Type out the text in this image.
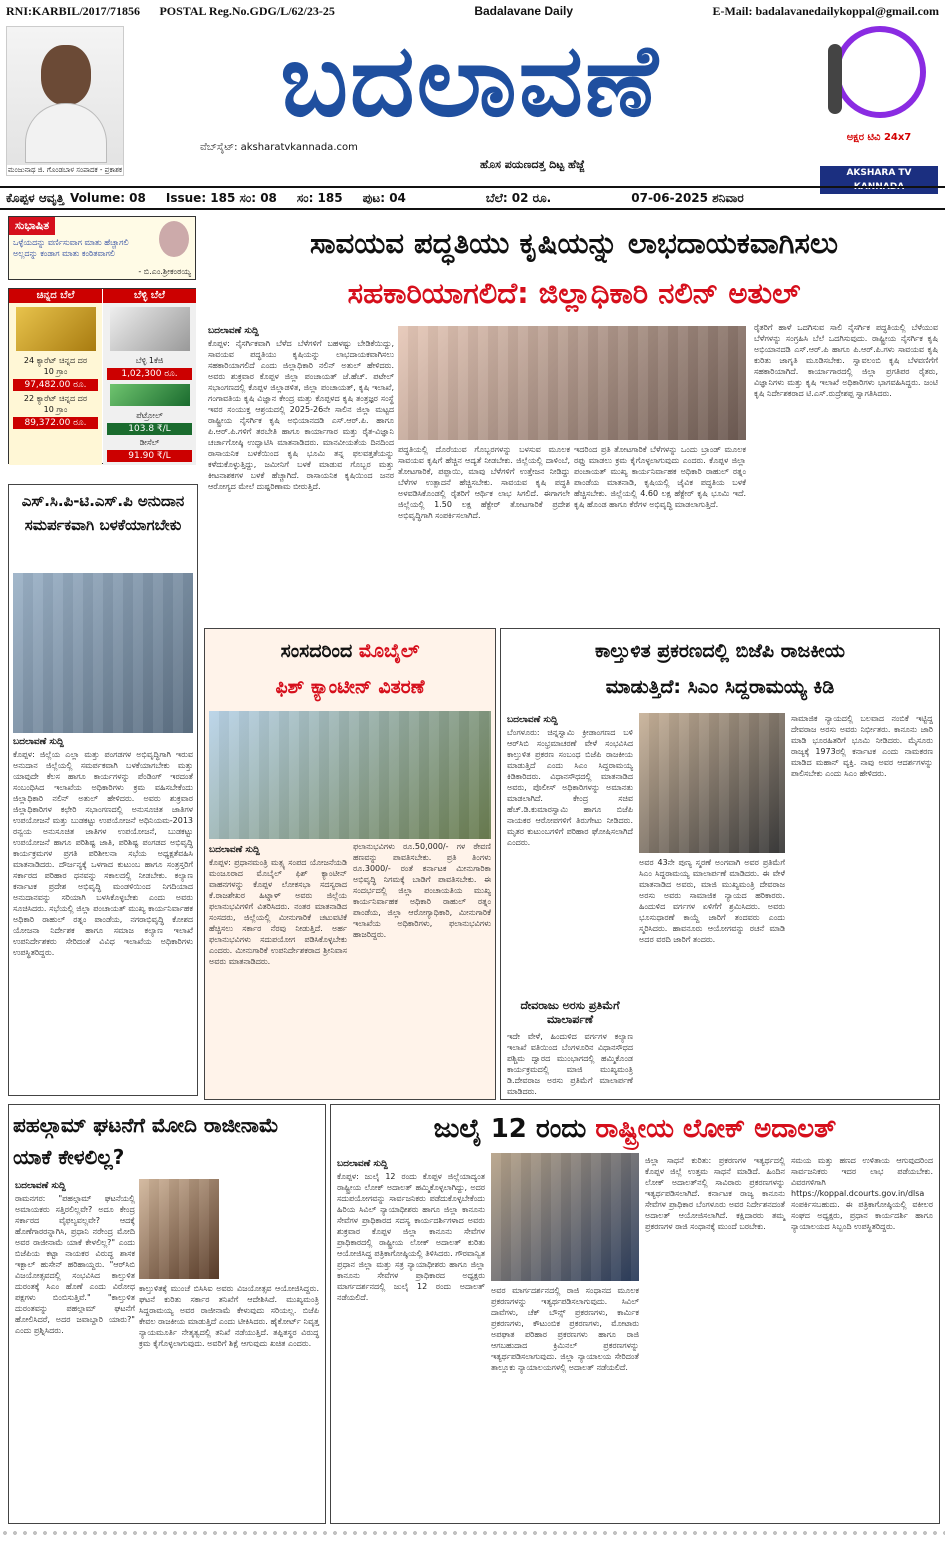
RNI:KARBIL/2017/71856 POSTAL Reg.No.GDG/L/62/23-25	Badalavane Daily	E-Mail: badalavanedailykoppal@gmail.com
ಮಂಜುನಾಥ ಜಿ. ಗೊಂಡಬಾಳ ಸಂಪಾದಕ - ಪ್ರಕಾಶಕ
ಬದಲಾವಣೆ
ವೆಬ್‌ಸೈಟ್: aksharatvkannada.com
ಹೊಸ ಪಯಣದತ್ತ ದಿಟ್ಟ ಹೆಜ್ಜೆ
ಅಕ್ಷರ ಟಿವಿ 24x7
AKSHARA TV KANNADA
ಕೊಪ್ಪಳ ಆವೃತ್ತಿ Volume: 08 Issue: 185 ಸಂ: 08 ಸಂ: 185 ಪುಟ: 04	ಬೆಲೆ: 02 ರೂ.	07-06-2025 ಶನಿವಾರ
ಸುಭಾಷಿತ
ಒಳ್ಳೆಯದನ್ನು ವರ್ಣಿಸುವಾಗ ಮಾತು ಹೆಚ್ಚಾಗಲಿ ಅಲ್ಲದನ್ನು ಕಂಡಾಗ ಮಾತು ಕಂಠಿತವಾಗಲಿ
- ಬಿ.ಎಂ.ಶ್ರೀಕಂಠಯ್ಯ
ಚಿನ್ನದ ಬೆಲೆ
24 ಕ್ಯಾರೆಟ್ ಚಿನ್ನದ ದರ
10 ಗ್ರಾಂ
97,482.00 ರೂ.
22 ಕ್ಯಾರೆಟ್ ಚಿನ್ನದ ದರ
10 ಗ್ರಾಂ
89,372.00 ರೂ.
ಬೆಳ್ಳಿ ಬೆಲೆ
ಬೆಳ್ಳಿ 1ಕೆಜಿ
1,02,300 ರೂ.
ಪೆಟ್ರೋಲ್
103.8 ₹/L
ಡೀಸೆಲ್
91.90 ₹/L
ಎಸ್.ಸಿ.ಪಿ-ಟಿ.ಎಸ್.ಪಿ ಅನುದಾನ ಸಮರ್ಪಕವಾಗಿ ಬಳಕೆಯಾಗಬೇಕು
ಬದಲಾವಣೆ ಸುದ್ದಿ
ಕೊಪ್ಪಳ: ಜಿಲ್ಲೆಯ ಎಲ್ಲಾ ಮತ್ತು ಪಂಗಡಗಳ ಅಭಿವೃದ್ಧಿಗಾಗಿ ಇರುವ ಅನುದಾನ ಜಿಲ್ಲೆಯಲ್ಲಿ ಸಮರ್ಪಕವಾಗಿ ಬಳಕೆಯಾಗಬೇಕು ಮತ್ತು ಯಾವುದೇ ಕೆಲಸ ಹಾಗೂ ಕಾರ್ಯಗಳನ್ನು ಪೆಂಡಿಂಗ್ ಇರದಂತೆ ಸಂಬಂಧಿಸಿದ ಇಲಾಖೆಯ ಅಧಿಕಾರಿಗಳು ಕ್ರಮ ವಹಿಸಬೇಕೆಂದು ಜಿಲ್ಲಾಧಿಕಾರಿ ನಲಿನ್ ಅತುಲ್ ಹೇಳಿದರು. ಅವರು ಶುಕ್ರವಾರ ಜಿಲ್ಲಾಧಿಕಾರಿಗಳ ಕಛೇರಿ ಸಭಾಂಗಣದಲ್ಲಿ ಅನುಸೂಚಿತ ಜಾತಿಗಳ ಉಪಯೋಜನೆ ಮತ್ತು ಬುಡಕಟ್ಟು ಉಪಯೋಜನೆ ಅಧಿನಿಯಮ-2013 ರನ್ವಯ ಅನುಸೂಚಿತ ಜಾತಿಗಳ ಉಪಯೋಜನೆ, ಬುಡಕಟ್ಟು ಉಪಯೋಜನೆ ಹಾಗೂ ಪರಿಶಿಷ್ಟ ಜಾತಿ, ಪರಿಶಿಷ್ಟ ಪಂಗಡದ ಅಭಿವೃದ್ಧಿ ಕಾರ್ಯಕ್ರಮಗಳ ಪ್ರಗತಿ ಪರಿಶೀಲನಾ ಸಭೆಯ ಅಧ್ಯಕ್ಷತೆವಹಿಸಿ ಮಾತನಾಡಿದರು. ದೌರ್ಜನ್ಯಕ್ಕೆ ಒಳಗಾದ ಕುಟುಂಬ ಹಾಗೂ ಸಂತ್ರಸ್ತರಿಗೆ ಸರ್ಕಾರದ ಪರಿಹಾರ ಧನವನ್ನು ಸಕಾಲದಲ್ಲಿ ನೀಡಬೇಕು. ಕಲ್ಯಾಣ ಕರ್ನಾಟಕ ಪ್ರದೇಶ ಅಭಿವೃದ್ಧಿ ಮಂಡಳಿಯಿಂದ ನಿಗದಿಯಾದ ಅನುದಾನವನ್ನು ಸರಿಯಾಗಿ ಬಳಸಿಕೊಳ್ಳಬೇಕು ಎಂದು ಅವರು ಸೂಚಿಸಿದರು. ಸಭೆಯಲ್ಲಿ ಜಿಲ್ಲಾ ಪಂಚಾಯತ್ ಮುಖ್ಯ ಕಾರ್ಯನಿರ್ವಾಹಕ ಅಧಿಕಾರಿ ರಾಹುಲ್ ರತ್ನಂ ಪಾಂಡೆಯ, ನಗರಾಭಿವೃದ್ಧಿ ಕೋಶದ ಯೋಜನಾ ನಿರ್ದೇಶಕ ಹಾಗೂ ಸಮಾಜ ಕಲ್ಯಾಣ ಇಲಾಖೆ ಉಪನಿರ್ದೇಶಕರು ಸೇರಿದಂತೆ ವಿವಿಧ ಇಲಾಖೆಯ ಅಧಿಕಾರಿಗಳು ಉಪಸ್ಥಿತರಿದ್ದರು.
ಸಾವಯವ ಪದ್ಧತಿಯು ಕೃಷಿಯನ್ನು ಲಾಭದಾಯಕವಾಗಿಸಲು
ಸಹಕಾರಿಯಾಗಲಿದೆ: ಜಿಲ್ಲಾಧಿಕಾರಿ ನಲಿನ್ ಅತುಲ್
ಬದಲಾವಣೆ ಸುದ್ದಿ
ಕೊಪ್ಪಳ: ನೈಸರ್ಗಿಕವಾಗಿ ಬೆಳೆದ ಬೆಳೆಗಳಿಗೆ ಬಹಳಷ್ಟು ಬೇಡಿಕೆಯಿದ್ದು, ಸಾವಯವ ಪದ್ಧತಿಯು ಕೃಷಿಯನ್ನು ಲಾಭದಾಯಕವಾಗಿಸಲು ಸಹಕಾರಿಯಾಗಲಿದೆ ಎಂದು ಜಿಲ್ಲಾಧಿಕಾರಿ ನಲಿನ್ ಅತುಲ್ ಹೇಳಿದರು. ಅವರು ಶುಕ್ರವಾರ ಕೊಪ್ಪಳ ಜಿಲ್ಲಾ ಪಂಚಾಯತ್ ಜೆ.ಹೆಚ್. ಪಟೇಲ್ ಸಭಾಂಗಣದಲ್ಲಿ ಕೊಪ್ಪಳ ಜಿಲ್ಲಾಡಳಿತ, ಜಿಲ್ಲಾ ಪಂಚಾಯತ್, ಕೃಷಿ ಇಲಾಖೆ, ಗಂಗಾವತಿಯ ಕೃಷಿ ವಿಜ್ಞಾನ ಕೇಂದ್ರ ಮತ್ತು ಕೊಪ್ಪಳದ ಕೃಷಿ ತಂತ್ರಜ್ಞರ ಸಂಸ್ಥೆ ಇವರ ಸಂಯುಕ್ತ ಆಶ್ರಯದಲ್ಲಿ 2025-26ನೇ ಸಾಲಿನ ಜಿಲ್ಲಾ ಮಟ್ಟದ ರಾಷ್ಟ್ರೀಯ ನೈಸರ್ಗಿಕ ಕೃಷಿ ಅಭಿಯಾನದಡಿ ಎಸ್.ಆರ್.ಪಿ. ಹಾಗೂ ಪಿ.ಆರ್.ಪಿ.ಗಳಿಗೆ ತರಬೇತಿ ಹಾಗೂ ಕಾರ್ಯಾಗಾರ ಮತ್ತು ರೈತ-ವಿಜ್ಞಾನಿ ಚರ್ಚಾಗೋಷ್ಠಿ ಉದ್ಘಾಟಿಸಿ ಮಾತನಾಡಿದರು. ಮಾನವೀಯತೆಯ ದಿನದಿಂದ ರಾಸಾಯನಿಕ ಬಳಕೆಯಿಂದ ಕೃಷಿ ಭೂಮಿ ತನ್ನ ಫಲವತ್ತತೆಯನ್ನು ಕಳೆದುಕೊಳ್ಳುತ್ತಿದ್ದು, ಜಮೀನಿಗೆ ಬಳಕೆ ಮಾಡುವ ಗೊಬ್ಬರ ಮತ್ತು ಕೀಟನಾಶಕಗಳ ಬಳಕೆ ಹೆಚ್ಚಾಗಿದೆ. ರಾಸಾಯನಿಕ ಕೃಷಿಯಿಂದ ಜನರ ಆರೋಗ್ಯದ ಮೇಲೆ ದುಷ್ಪರಿಣಾಮ ಬೀರುತ್ತಿದೆ.
ಪದ್ಧತಿಯಲ್ಲಿ ದೊರೆಯುವ ಗೊಬ್ಬರಗಳನ್ನು ಬಳಸುವ ಮೂಲಕ ಸಾವಯವ ಕೃಷಿಗೆ ಹೆಚ್ಚಿನ ಆದ್ಯತೆ ನೀಡಬೇಕು. ಜಿಲ್ಲೆಯಲ್ಲಿ ದಾಳಿಂಬೆ, ತೋಟಗಾರಿಕೆ, ಪಪ್ಪಾಯಿ, ಮಾವು ಬೆಳೆಗಳಿಗೆ ಉತ್ತೇಜನ ನೀಡಿದ್ದು ಬೆಳೆಗಳ ಉತ್ಪಾದನೆ ಹೆಚ್ಚಿಸಬೇಕು. ಸಾವಯವ ಕೃಷಿ ಪದ್ಧತಿ ಅಳವಡಿಸಿಕೊಂಡಲ್ಲಿ ರೈತರಿಗೆ ಆರ್ಥಿಕ ಲಾಭ ಸಿಗಲಿದೆ. ಈಗಾಗಲೇ ಜಿಲ್ಲೆಯಲ್ಲಿ 1.50 ಲಕ್ಷ ಹೆಕ್ಟೇರ್ ತೋಟಗಾರಿಕೆ ಪ್ರದೇಶ ಅಭಿವೃದ್ಧಿಗಾಗಿ ಸಂಪರ್ಕಿಸಲಾಗಿದೆ.
ಇದರಿಂದ ಪ್ರತಿ ತೋಟಗಾರಿಕೆ ಬೆಳೆಗಳನ್ನು ಒಂದು ಬ್ರಾಂಡ್ ಮೂಲಕ ರಫ್ತು ಮಾಡಲು ಕ್ರಮ ಕೈಗೊಳ್ಳಲಾಗುವುದು ಎಂದರು. ಕೊಪ್ಪಳ ಜಿಲ್ಲಾ ಪಂಚಾಯತ್ ಮುಖ್ಯ ಕಾರ್ಯನಿರ್ವಾಹಕ ಅಧಿಕಾರಿ ರಾಹುಲ್ ರತ್ನಂ ಪಾಂಡೆಯ ಮಾತನಾಡಿ, ಕೃಷಿಯಲ್ಲಿ ಜೈವಿಕ ಪದ್ಧತಿಯ ಬಳಕೆ ಹೆಚ್ಚಿಸಬೇಕು. ಜಿಲ್ಲೆಯಲ್ಲಿ 4.60 ಲಕ್ಷ ಹೆಕ್ಟೇರ್ ಕೃಷಿ ಭೂಮಿ ಇದೆ. ಕೃಷಿ ಹೊಂಡ ಹಾಗೂ ಕೆರೆಗಳ ಅಭಿವೃದ್ಧಿ ಮಾಡಲಾಗುತ್ತಿದೆ.
ರೈತರಿಗೆ ಹಾಳೆ ಒದಗಿಸುವ ಸಾಲಿ ನೈಸರ್ಗಿಕ ಪದ್ಧತಿಯಲ್ಲಿ ಬೆಳೆಯುವ ಬೆಳೆಗಳನ್ನು ಸಂಗ್ರಹಿಸಿ ಬೆಲೆ ಒದಗಿಸುವುದು. ರಾಷ್ಟ್ರೀಯ ನೈಸರ್ಗಿಕ ಕೃಷಿ ಅಭಿಯಾನದಡಿ ಎಸ್.ಆರ್.ಪಿ ಹಾಗೂ ಪಿ.ಆರ್.ಪಿ.ಗಳು ಸಾವಯವ ಕೃಷಿ ಕುರಿತು ಜಾಗೃತಿ ಮೂಡಿಸಬೇಕು. ಸ್ವಾವಲಂಬಿ ಕೃಷಿ ಬೆಳವಣಿಗೆಗೆ ಸಹಕಾರಿಯಾಗಿದೆ. ಕಾರ್ಯಾಗಾರದಲ್ಲಿ ಜಿಲ್ಲಾ ಪ್ರಗತಿಪರ ರೈತರು, ವಿಜ್ಞಾನಿಗಳು ಮತ್ತು ಕೃಷಿ ಇಲಾಖೆ ಅಧಿಕಾರಿಗಳು ಭಾಗವಹಿಸಿದ್ದರು. ಜಂಟಿ ಕೃಷಿ ನಿರ್ದೇಶಕರಾದ ಟಿ.ಎಸ್.ರುದ್ರೇಶಪ್ಪ ಸ್ವಾಗತಿಸಿದರು.
ಸಂಸದರಿಂದ ಮೊಬೈಲ್
ಫಿಶ್ ಕ್ಯಾಂಟೀನ್ ವಿತರಣೆ
ಬದಲಾವಣೆ ಸುದ್ದಿ
ಕೊಪ್ಪಳ: ಪ್ರಧಾನಮಂತ್ರಿ ಮತ್ಸ್ಯ ಸಂಪದ ಯೋಜನೆಯಡಿ ಮಂಜೂರಾದ ಮೊಬೈಲ್ ಫಿಶ್ ಕ್ಯಾಂಟೀನ್ ವಾಹನಗಳನ್ನು ಕೊಪ್ಪಳ ಲೋಕಸಭಾ ಸದಸ್ಯರಾದ ಕೆ.ರಾಜಶೇಖರ ಹಿಟ್ನಾಳ್ ಅವರು ಜಿಲ್ಲೆಯ ಫಲಾನುಭವಿಗಳಿಗೆ ವಿತರಿಸಿದರು. ನಂತರ ಮಾತನಾಡಿದ ಸಂಸದರು, ಜಿಲ್ಲೆಯಲ್ಲಿ ಮೀನುಗಾರಿಕೆ ಚಟುವಟಿಕೆ ಹೆಚ್ಚಿಸಲು ಸರ್ಕಾರ ನೆರವು ನೀಡುತ್ತಿದೆ. ಅರ್ಹ ಫಲಾನುಭವಿಗಳು ಸದುಪಯೋಗ ಪಡಿಸಿಕೊಳ್ಳಬೇಕು ಎಂದರು. ಮೀನುಗಾರಿಕೆ ಉಪನಿರ್ದೇಶಕರಾದ ಶ್ರೀನಿವಾಸ ಅವರು ಮಾತನಾಡಿದರು.
ಫಲಾನುಭವಿಗಳು ರೂ.50,000/- ಗಳ ಠೇವಣಿ ಹಣವನ್ನು ಪಾವತಿಸಬೇಕು. ಪ್ರತಿ ತಿಂಗಳು ರೂ.3000/- ರಂತೆ ಕರ್ನಾಟಕ ಮೀನುಗಾರಿಕಾ ಅಭಿವೃದ್ಧಿ ನಿಗಮಕ್ಕೆ ಬಾಡಿಗೆ ಪಾವತಿಸಬೇಕು. ಈ ಸಂದರ್ಭದಲ್ಲಿ ಜಿಲ್ಲಾ ಪಂಚಾಯತಿಯ ಮುಖ್ಯ ಕಾರ್ಯನಿರ್ವಾಹಕ ಅಧಿಕಾರಿ ರಾಹುಲ್ ರತ್ನಂ ಪಾಂಡೆಯ, ಜಿಲ್ಲಾ ಆರೋಗ್ಯಾಧಿಕಾರಿ, ಮೀನುಗಾರಿಕೆ ಇಲಾಖೆಯ ಅಧಿಕಾರಿಗಳು, ಫಲಾನುಭವಿಗಳು ಹಾಜರಿದ್ದರು.
ಕಾಲ್ತುಳಿತ ಪ್ರಕರಣದಲ್ಲಿ ಬಿಜೆಪಿ ರಾಜಕೀಯ
ಮಾಡುತ್ತಿದೆ: ಸಿಎಂ ಸಿದ್ದರಾಮಯ್ಯ ಕಿಡಿ
ಬದಲಾವಣೆ ಸುದ್ದಿ
ಬೆಂಗಳೂರು: ಚಿನ್ನಸ್ವಾಮಿ ಕ್ರೀಡಾಂಗಣದ ಬಳಿ ಆರ್‌ಸಿಬಿ ಸಂಭ್ರಮಾಚರಣೆ ವೇಳೆ ಸಂಭವಿಸಿದ ಕಾಲ್ತುಳಿತ ಪ್ರಕರಣ ಸಂಬಂಧ ಬಿಜೆಪಿ ರಾಜಕೀಯ ಮಾಡುತ್ತಿದೆ ಎಂದು ಸಿಎಂ ಸಿದ್ದರಾಮಯ್ಯ ಕಿಡಿಕಾರಿದರು. ವಿಧಾನಸೌಧದಲ್ಲಿ ಮಾತನಾಡಿದ ಅವರು, ಪೊಲೀಸ್ ಅಧಿಕಾರಿಗಳನ್ನು ಅಮಾನತು ಮಾಡಲಾಗಿದೆ. ಕೇಂದ್ರ ಸಚಿವ ಹೆಚ್.ಡಿ.ಕುಮಾರಸ್ವಾಮಿ ಹಾಗೂ ಬಿಜೆಪಿ ನಾಯಕರ ಆರೋಪಗಳಿಗೆ ತಿರುಗೇಟು ನೀಡಿದರು. ಮೃತರ ಕುಟುಂಬಗಳಿಗೆ ಪರಿಹಾರ ಘೋಷಿಸಲಾಗಿದೆ ಎಂದರು.
ದೇವರಾಜು ಅರಸು ಪ್ರತಿಮೆಗೆ ಮಾಲಾರ್ಪಣೆ
ಇದೇ ವೇಳೆ, ಹಿಂದುಳಿದ ವರ್ಗಗಳ ಕಲ್ಯಾಣ ಇಲಾಖೆ ವತಿಯಿಂದ ಬೆಂಗಳೂರಿನ ವಿಧಾನಸೌಧದ ಪಶ್ಚಿಮ ದ್ವಾರದ ಮುಂಭಾಗದಲ್ಲಿ ಹಮ್ಮಿಕೊಂಡ ಕಾರ್ಯಕ್ರಮದಲ್ಲಿ ಮಾಜಿ ಮುಖ್ಯಮಂತ್ರಿ ಡಿ.ದೇವರಾಜ ಅರಸು ಪ್ರತಿಮೆಗೆ ಮಾಲಾರ್ಪಣೆ ಮಾಡಿದರು.
ಅವರ 43ನೇ ಪುಣ್ಯ ಸ್ಮರಣೆ ಅಂಗವಾಗಿ ಅವರ ಪ್ರತಿಮೆಗೆ ಸಿಎಂ ಸಿದ್ದರಾಮಯ್ಯ ಮಾಲಾರ್ಪಣೆ ಮಾಡಿದರು. ಈ ವೇಳೆ ಮಾತನಾಡಿದ ಅವರು, ಮಾಜಿ ಮುಖ್ಯಮಂತ್ರಿ ದೇವರಾಜ ಅರಸು ಅವರು ಸಾಮಾಜಿಕ ನ್ಯಾಯದ ಹರಿಕಾರರು. ಹಿಂದುಳಿದ ವರ್ಗಗಳ ಏಳಿಗೆಗೆ ಶ್ರಮಿಸಿದರು. ಅವರು ಭೂಸುಧಾರಣೆ ಕಾಯ್ದೆ ಜಾರಿಗೆ ತಂದವರು ಎಂದು ಸ್ಮರಿಸಿದರು. ಹಾವನೂರು ಆಯೋಗವನ್ನು ರಚನೆ ಮಾಡಿ ಅದರ ವರದಿ ಜಾರಿಗೆ ತಂದರು.
ಸಾಮಾಜಿಕ ನ್ಯಾಯದಲ್ಲಿ ಬಲವಾದ ನಂಬಿಕೆ ಇಟ್ಟಿದ್ದ ದೇವರಾಜ ಅರಸು ಅವರು ನಿರ್ಭೀತರು. ಕಾನೂನು ಜಾರಿ ಮಾಡಿ ಭೂರಹಿತರಿಗೆ ಭೂಮಿ ನೀಡಿದರು. ಮೈಸೂರು ರಾಜ್ಯಕ್ಕೆ 1973ರಲ್ಲಿ ಕರ್ನಾಟಕ ಎಂದು ನಾಮಕರಣ ಮಾಡಿದ ಮಹಾನ್ ವ್ಯಕ್ತಿ. ನಾವು ಅವರ ಆದರ್ಶಗಳನ್ನು ಪಾಲಿಸಬೇಕು ಎಂದು ಸಿಎಂ ಹೇಳಿದರು.
ಪಹಲ್ಗಾಮ್ ಘಟನೆಗೆ ಮೋದಿ ರಾಜೀನಾಮೆ ಯಾಕೆ ಕೇಳಲಿಲ್ಲ?
ಬದಲಾವಣೆ ಸುದ್ದಿ
ರಾಮನಗರ: "ಪಹಲ್ಗಾಮ್ ಘಟನೆಯಲ್ಲಿ ಅಮಾಯಕರು ಸತ್ತಿರಲಿಲ್ಲವೇ? ಅದೂ ಕೇಂದ್ರ ಸರ್ಕಾರದ ವೈಫಲ್ಯವಲ್ಲವೇ? ಆದಕ್ಕೆ ಹೊಣೆಗಾರರನ್ನಾಗಿಸಿ, ಪ್ರಧಾನಿ ನರೇಂದ್ರ ಮೋದಿ ಅವರ ರಾಜೀನಾಮೆ ಯಾಕೆ ಕೇಳಲಿಲ್ಲ?" ಎಂದು ಬಿಜೆಪಿಯ ಕಟ್ಟಾ ನಾಯಕರ ವಿರುದ್ಧ ಶಾಸಕ ಇಕ್ಬಾಲ್ ಹುಸೇನ್ ಹರಿಹಾಯ್ದರು. "ಆರ್‌ಸಿಬಿ ವಿಜಯೋತ್ಸವದಲ್ಲಿ ಸಂಭವಿಸಿದ ಕಾಲ್ತುಳಿತ ದುರಂತಕ್ಕೆ ಸಿಎಂ ಹೊಣೆ ಎಂದು ವಿರೋಧ ಪಕ್ಷಗಳು ಬಿಂಬಿಸುತ್ತಿವೆ." "ಕಾಲ್ತುಳಿತ ದುರಂತವನ್ನು ಪಹಲ್ಗಾಮ್ ಘಟನೆಗೆ ಹೋಲಿಸಿದರೆ, ಅದರ ಜವಾಬ್ದಾರಿ ಯಾರು?" ಎಂದು ಪ್ರಶ್ನಿಸಿದರು.
ಕಾಲ್ತುಳಿತಕ್ಕೆ ಮುಂಚೆ ಬಿಸಿಸಿಐ ಅವರು ವಿಜಯೋತ್ಸವ ಆಯೋಜಿಸಿದ್ದರು. ಘಟನೆ ಕುರಿತು ಸರ್ಕಾರ ತನಿಖೆಗೆ ಆದೇಶಿಸಿದೆ. ಮುಖ್ಯಮಂತ್ರಿ ಸಿದ್ದರಾಮಯ್ಯ ಅವರ ರಾಜೀನಾಮೆ ಕೇಳುವುದು ಸರಿಯಲ್ಲ. ಬಿಜೆಪಿ ಕೇವಲ ರಾಜಕೀಯ ಮಾಡುತ್ತಿದೆ ಎಂದು ಟೀಕಿಸಿದರು. ಹೈಕೋರ್ಟ್ ನಿವೃತ್ತ ನ್ಯಾಯಮೂರ್ತಿ ನೇತೃತ್ವದಲ್ಲಿ ತನಿಖೆ ನಡೆಯುತ್ತಿದೆ. ತಪ್ಪಿತಸ್ಥರ ವಿರುದ್ಧ ಕ್ರಮ ಕೈಗೊಳ್ಳಲಾಗುವುದು. ಅವರಿಗೆ ಶಿಕ್ಷೆ ಆಗುವುದು ಖಚಿತ ಎಂದರು.
ಜುಲೈ 12 ರಂದು ರಾಷ್ಟ್ರೀಯ ಲೋಕ್ ಅದಾಲತ್
ಬದಲಾವಣೆ ಸುದ್ದಿ
ಕೊಪ್ಪಳ: ಜುಲೈ 12 ರಂದು ಕೊಪ್ಪಳ ಜಿಲ್ಲೆಯಾದ್ಯಂತ ರಾಷ್ಟ್ರೀಯ ಲೋಕ್ ಅದಾಲತ್ ಹಮ್ಮಿಕೊಳ್ಳಲಾಗಿದ್ದು, ಅದರ ಸದುಪಯೋಗವನ್ನು ಸಾರ್ವಜನಿಕರು ಪಡೆದುಕೊಳ್ಳಬೇಕೆಂದು ಹಿರಿಯ ಸಿವಿಲ್ ನ್ಯಾಯಾಧೀಶರು ಹಾಗೂ ಜಿಲ್ಲಾ ಕಾನೂನು ಸೇವೆಗಳ ಪ್ರಾಧಿಕಾರದ ಸದಸ್ಯ ಕಾರ್ಯದರ್ಶಿಗಳಾದ ಅವರು ಶುಕ್ರವಾರ ಕೊಪ್ಪಳ ಜಿಲ್ಲಾ ಕಾನೂನು ಸೇವೆಗಳ ಪ್ರಾಧಿಕಾರದಲ್ಲಿ ರಾಷ್ಟ್ರೀಯ ಲೋಕ್ ಅದಾಲತ್ ಕುರಿತು ಆಯೋಜಿಸಿದ್ದ ಪತ್ರಿಕಾಗೋಷ್ಠಿಯಲ್ಲಿ ತಿಳಿಸಿದರು. ಗೌರವಾನ್ವಿತ ಪ್ರಧಾನ ಜಿಲ್ಲಾ ಮತ್ತು ಸತ್ರ ನ್ಯಾಯಾಧೀಶರು ಹಾಗೂ ಜಿಲ್ಲಾ ಕಾನೂನು ಸೇವೆಗಳ ಪ್ರಾಧಿಕಾರದ ಅಧ್ಯಕ್ಷರು ಮಾರ್ಗದರ್ಶನದಲ್ಲಿ ಜುಲೈ 12 ರಂದು ಅದಾಲತ್ ನಡೆಯಲಿದೆ.
ಅವರ ಮಾರ್ಗದರ್ಶನದಲ್ಲಿ ರಾಜಿ ಸಂಧಾನದ ಮೂಲಕ ಪ್ರಕರಣಗಳನ್ನು ಇತ್ಯರ್ಥಪಡಿಸಲಾಗುವುದು. ಸಿವಿಲ್ ದಾವೆಗಳು, ಚೆಕ್ ಬೌನ್ಸ್ ಪ್ರಕರಣಗಳು, ಕಾರ್ಮಿಕ ಪ್ರಕರಣಗಳು, ಕೌಟುಂಬಿಕ ಪ್ರಕರಣಗಳು, ಮೋಟಾರು ಅಪಘಾತ ಪರಿಹಾರ ಪ್ರಕರಣಗಳು ಹಾಗೂ ರಾಜಿ ಆಗಬಹುದಾದ ಕ್ರಿಮಿನಲ್ ಪ್ರಕರಣಗಳನ್ನು ಇತ್ಯರ್ಥಪಡಿಸಲಾಗುವುದು. ಜಿಲ್ಲಾ ನ್ಯಾಯಾಲಯ ಸೇರಿದಂತೆ ತಾಲ್ಲೂಕು ನ್ಯಾಯಾಲಯಗಳಲ್ಲಿ ಅದಾಲತ್ ನಡೆಯಲಿದೆ.
ಜಿಲ್ಲಾ ಸಾಧನೆ ಕುರಿತು: ಪ್ರಕರಣಗಳ ಇತ್ಯರ್ಥದಲ್ಲಿ ಕೊಪ್ಪಳ ಜಿಲ್ಲೆ ಉತ್ತಮ ಸಾಧನೆ ಮಾಡಿದೆ. ಹಿಂದಿನ ಲೋಕ್ ಅದಾಲತ್‌ನಲ್ಲಿ ಸಾವಿರಾರು ಪ್ರಕರಣಗಳನ್ನು ಇತ್ಯರ್ಥಪಡಿಸಲಾಗಿದೆ. ಕರ್ನಾಟಕ ರಾಜ್ಯ ಕಾನೂನು ಸೇವೆಗಳ ಪ್ರಾಧಿಕಾರ ಬೆಂಗಳೂರು ಅವರ ನಿರ್ದೇಶನದಂತೆ ಅದಾಲತ್ ಆಯೋಜಿಸಲಾಗಿದೆ. ಕಕ್ಷಿದಾರರು ತಮ್ಮ ಪ್ರಕರಣಗಳ ರಾಜಿ ಸಂಧಾನಕ್ಕೆ ಮುಂದೆ ಬರಬೇಕು.
ಸಮಯ ಮತ್ತು ಹಣದ ಉಳಿತಾಯ ಆಗುವುದರಿಂದ ಸಾರ್ವಜನಿಕರು ಇದರ ಲಾಭ ಪಡೆಯಬೇಕು. ವಿವರಗಳಿಗಾಗಿ https://koppal.dcourts.gov.in/dlsa ಸಂಪರ್ಕಿಸಬಹುದು. ಈ ಪತ್ರಿಕಾಗೋಷ್ಠಿಯಲ್ಲಿ ವಕೀಲರ ಸಂಘದ ಅಧ್ಯಕ್ಷರು, ಪ್ರಧಾನ ಕಾರ್ಯದರ್ಶಿ ಹಾಗೂ ನ್ಯಾಯಾಲಯದ ಸಿಬ್ಬಂದಿ ಉಪಸ್ಥಿತರಿದ್ದರು.
